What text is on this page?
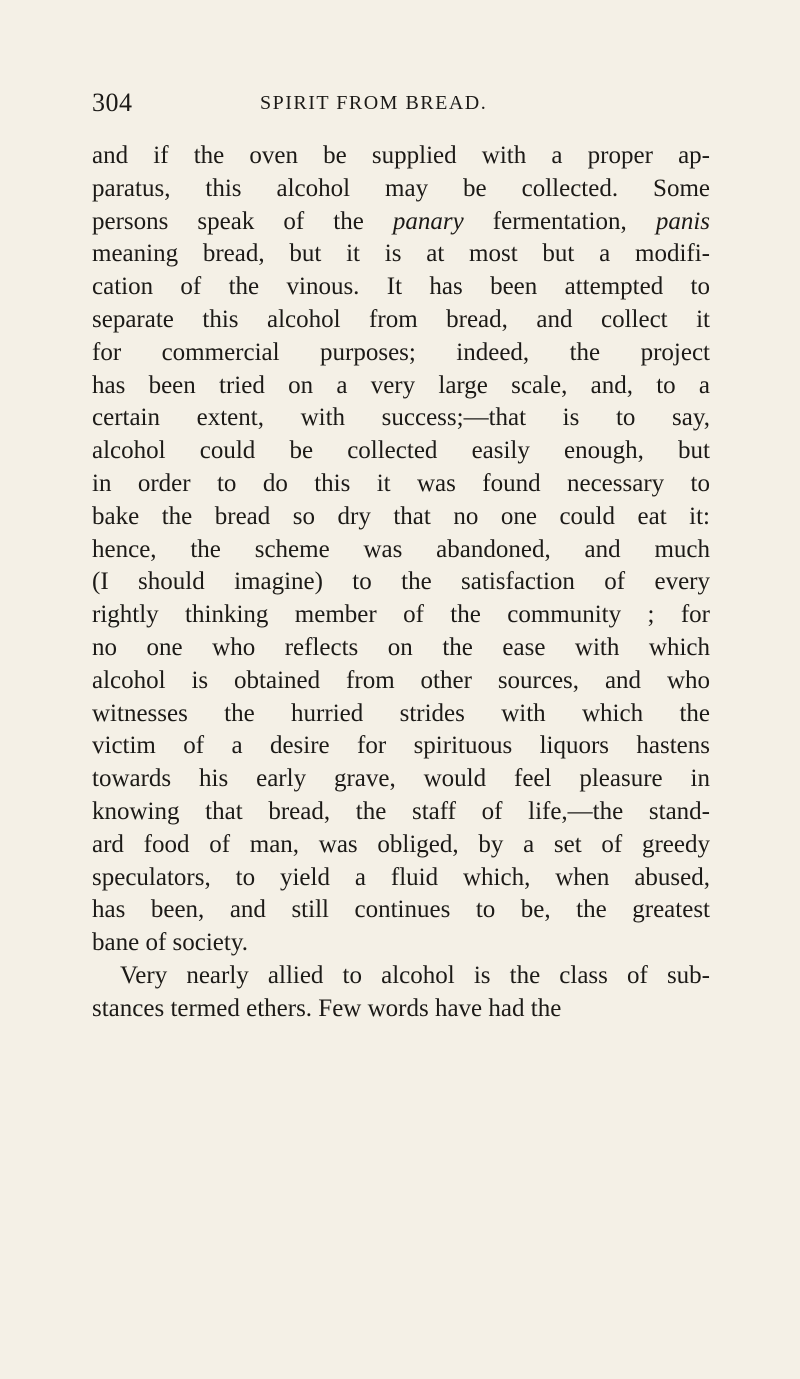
304	SPIRIT FROM BREAD.
and if the oven be supplied with a proper ap-
paratus, this alcohol may be collected. Some
persons speak of the panary fermentation, panis
meaning bread, but it is at most but a modifi-
cation of the vinous. It has been attempted to
separate this alcohol from bread, and collect it
for commercial purposes; indeed, the project
has been tried on a very large scale, and, to a
certain extent, with success;—that is to say,
alcohol could be collected easily enough, but
in order to do this it was found necessary to
bake the bread so dry that no one could eat it:
hence, the scheme was abandoned, and much
(I should imagine) to the satisfaction of every
rightly thinking member of the community ; for
no one who reflects on the ease with which
alcohol is obtained from other sources, and who
witnesses the hurried strides with which the
victim of a desire for spirituous liquors hastens
towards his early grave, would feel pleasure in
knowing that bread, the staff of life,—the stand-
ard food of man, was obliged, by a set of greedy
speculators, to yield a fluid which, when abused,
has been, and still continues to be, the greatest
bane of society.
Very nearly allied to alcohol is the class of sub-
stances termed ethers. Few words have had the
